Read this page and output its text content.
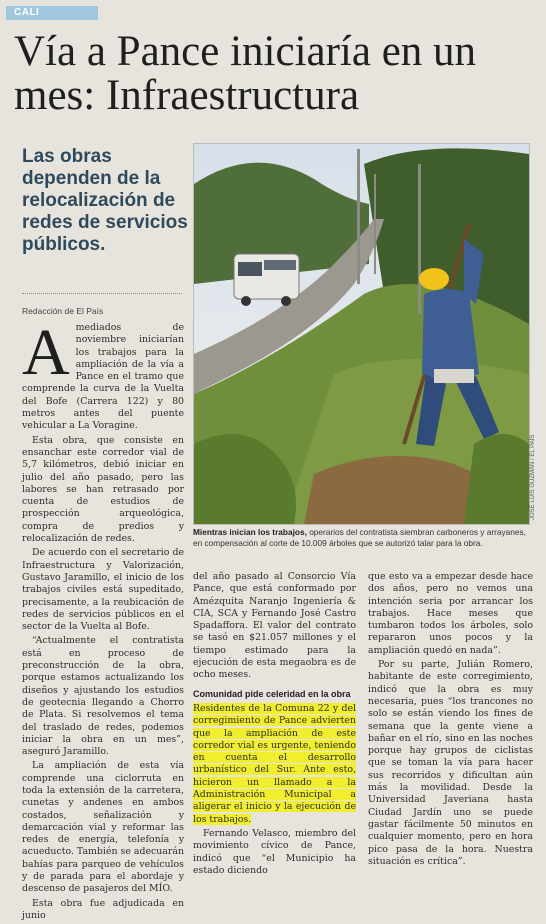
CALI
Vía a Pance iniciaría en un mes: Infraestructura
Las obras dependen de la relocalización de redes de servicios públicos.
Redacción de El País
JOSÉ LUIS GUZMÁN / EL PAÍS

Mientras inician los trabajos, operarios del contratista siembran carboneros y arrayanes, en compensación al corte de 10.009 árboles que se autorizó talar para la obra.

Amediados de noviembre iniciarían los trabajos para la ampliación de la vía a Pance en el tramo que comprende la curva de la Vuelta del Bofe (Carrera 122) y 80 metros antes del puente vehicular a La Voragine.

Esta obra, que consiste en ensanchar este corredor vial de 5,7 kilómetros, debió iniciar en julio del año pasado, pero las labores se han retrasado por cuenta de estudios de prospección arqueológica, compra de predios y relocalización de redes.

De acuerdo con el secretario de Infraestructura y Valorización, Gustavo Jaramillo, el inicio de los trabajos civiles está supeditado, precisamente, a la reubicación de redes de servicios públicos en el sector de la Vuelta al Bofe.

“Actualmente el contratista está en proceso de preconstrucción de la obra, porque estamos actualizando los diseños y ajustando los estudios de geotecnia llegando a Chorro de Plata. Si resolvemos el tema del traslado de redes, podemos iniciar la obra en un mes”, aseguró Jaramillo.

La ampliación de esta vía comprende una ciclorruta en toda la extensión de la carretera, cunetas y andenes en ambos costados, señalización y demarcación vial y reformar las redes de energía, telefonía y acueducto. También se adecuarán bahías para parqueo de vehículos y de parada para el abordaje y descenso de pasajeros del MÍO.

Esta obra fue adjudicada en junio

del año pasado al Consorcio Vía Pance, que está conformado por Amézquita Naranjo Ingeniería & CIA, SCA y Fernando José Castro Spadaffora. El valor del contrato se tasó en $21.057 millones y el tiempo estimado para la ejecución de esta megaobra es de ocho meses.

Comunidad pide celeridad en la obra

Residentes de la Comuna 22 y del corregimiento de Pance advierten que la ampliación de este corredor vial es urgente, teniendo en cuenta el desarrollo urbanístico del Sur. Ante esto, hicieron un llamado a la Administración Municipal a aligerar el inicio y la ejecución de los trabajos.

Fernando Velasco, miembro del movimiento cívico de Pance, indicó que “el Municipio ha estado diciendo

que esto va a empezar desde hace dos años, pero no vemos una intención seria por arrancar los trabajos. Hace meses que tumbaron todos los árboles, solo repararon unos pocos y la ampliación quedó en nada”.

Por su parte, Julián Romero, habitante de este corregimiento, indicó que la obra es muy necesaria, pues “los trancones no solo se están viendo los fines de semana que la gente viene a bañar en el río, sino en las noches porque hay grupos de ciclistas que se toman la vía para hacer sus recorridos y dificultan aún más la movilidad. Desde la Universidad Javeriana hasta Ciudad Jardín uno se puede gastar fácilmente 50 minutos en cualquier momento, pero en hora pico pasa de la hora. Nuestra situación es crítica”.
